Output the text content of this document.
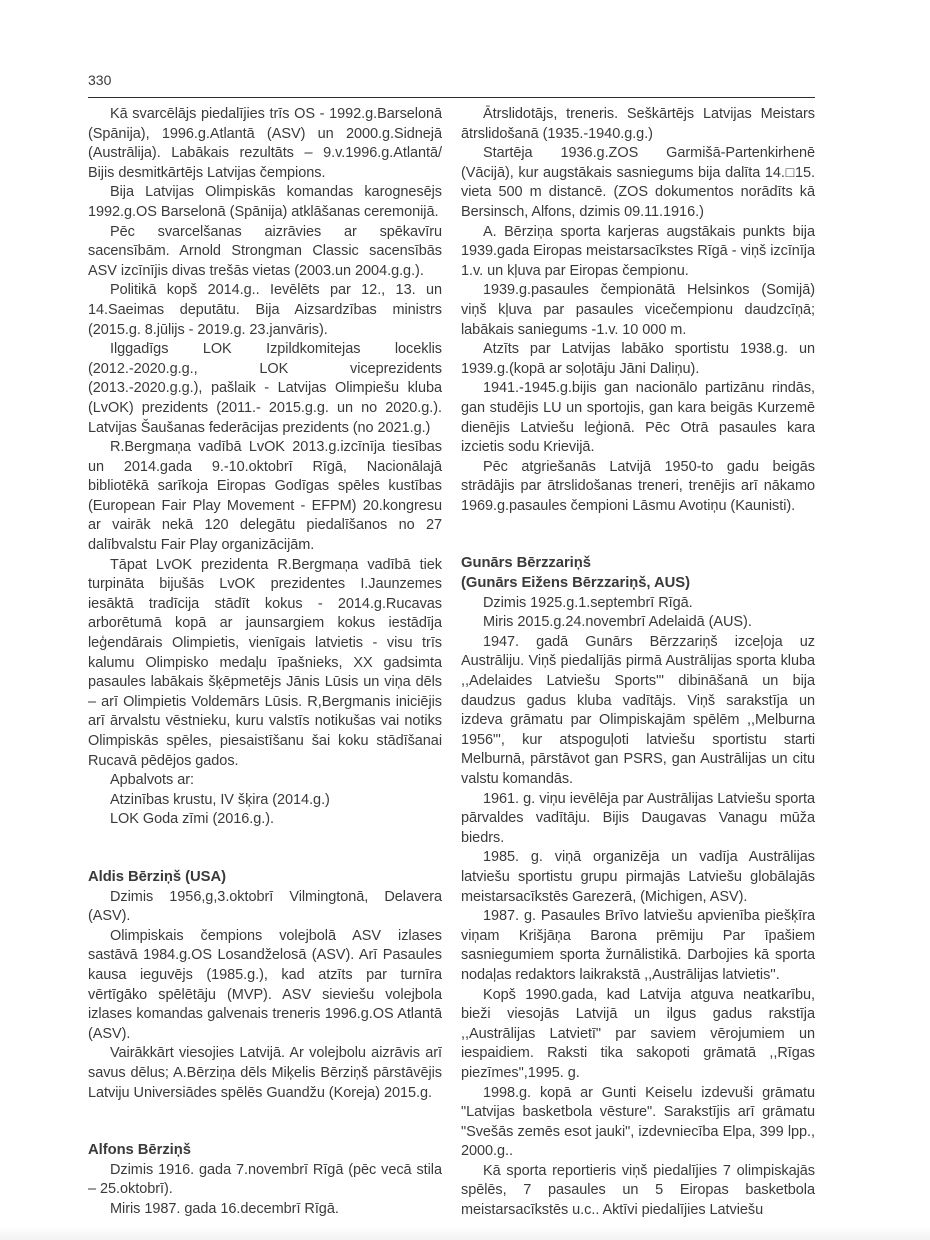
330

Kā svarcēlājs piedalījies trīs OS - 1992.g.Barselonā (Spānija), 1996.g.Atlantā (ASV) un 2000.g.Sidnejā (Austrālija). Labākais rezultāts – 9.v.1996.g.Atlantā/ Bijis desmitkārtējs Latvijas čempions.

Bija Latvijas Olimpiskās komandas karognesējs 1992.g.OS Barselonā (Spānija) atklāšanas ceremonijā.

Pēc svarcelšanas aizrāvies ar spēkavīru sacensībām. Arnold Strongman Classic sacensībās ASV izcīnījis divas trešās vietas (2003.un 2004.g.g.).

Politikā kopš 2014.g.. Ievēlēts par 12., 13. un 14.Saeimas deputātu. Bija Aizsardzības ministrs (2015.g. 8.jūlijs - 2019.g. 23.janvāris).

Ilggadīgs LOK Izpildkomitejas loceklis (2012.-2020.g.g., LOK viceprezidents (2013.-2020.g.g.), pašlaik - Latvijas Olimpiešu kluba (LvOK) prezidents (2011.- 2015.g.g. un no 2020.g.). Latvijas Šaušanas federācijas prezidents (no 2021.g.)

R.Bergmaņa vadībā LvOK 2013.g.izcīnīja tiesības un 2014.gada 9.-10.oktobrī Rīgā, Nacionālajā bibliotēkā sarīkoja Eiropas Godīgas spēles kustības (European Fair Play Movement - EFPM) 20.kongresu ar vairāk nekā 120 delegātu piedalīšanos no 27 dalībvalstu Fair Play organizācijām.

Tāpat LvOK prezidenta R.Bergmaņa vadībā tiek turpināta bijušās LvOK prezidentes I.Jaunzemes iesāktā tradīcija stādīt kokus - 2014.g.Rucavas arborētumā kopā ar jaunsargiem kokus iestādīja leģendārais Olimpietis, vienīgais latvietis - visu trīs kalumu Olimpisko medaļu īpašnieks, XX gadsimta pasaules labākais šķēpmetējs Jānis Lūsis un viņa dēls – arī Olimpietis Voldemārs Lūsis. R,Bergmanis iniciējis arī ārvalstu vēstnieku, kuru valstīs notikušas vai notiks Olimpiskās spēles, piesaistīšanu šai koku stādīšanai Rucavā pēdējos gados.

Apbalvots ar:

Atzinības krustu, IV šķira (2014.g.)

LOK Goda zīmi (2016.g.).

Aldis Bērziņš (USA)

Dzimis 1956,g,3.oktobrī Vilmingtonā, Delavera (ASV).

Olimpiskais čempions volejbolā ASV izlases sastāvā 1984.g.OS Losandželosā (ASV). Arī Pasaules kausa ieguvējs (1985.g.), kad atzīts par turnīra vērtīgāko spēlētāju (MVP). ASV sieviešu volejbola izlases komandas galvenais treneris 1996.g.OS Atlantā (ASV).

Vairākkārt viesojies Latvijā. Ar volejbolu aizrāvis arī savus dēlus; A.Bērziņa dēls Miķelis Bērziņš pārstāvējis Latviju Universiādes spēlēs Guandžu (Koreja) 2015.g.

Alfons Bērziņš

Dzimis 1916. gada 7.novembrī Rīgā (pēc vecā stila – 25.oktobrī).

Miris 1987. gada 16.decembrī Rīgā.

Ātrslidotājs, treneris. Seškārtējs Latvijas Meistars ātrslidošanā (1935.-1940.g.g.)

Startēja 1936.g.ZOS Garmišā-Partenkirhenē (Vācijā), kur augstākais sasniegums bija dalīta 14.□15. vieta 500 m distancē. (ZOS dokumentos norādīts kā Bersinsch, Alfons, dzimis 09.11.1916.)

A. Bērziņa sporta karjeras augstākais punkts bija 1939.gada Eiropas meistarsacīkstes Rīgā - viņš izcīnīja 1.v. un kļuva par Eiropas čempionu.

1939.g.pasaules čempionātā Helsinkos (Somijā) viņš kļuva par pasaules vicečempionu daudzcīņā; labākais saniegums -1.v. 10 000 m.

Atzīts par Latvijas labāko sportistu 1938.g. un 1939.g.(kopā ar soļotāju Jāni Daliņu).

1941.-1945.g.bijis gan nacionālo partizānu rindās, gan studējis LU un sportojis, gan kara beigās Kurzemē dienējis Latviešu leģionā. Pēc Otrā pasaules kara izcietis sodu Krievijā.

Pēc atgriešanās Latvijā 1950-to gadu beigās strādājis par ātrslidošanas treneri, trenējis arī nākamo 1969.g.pasaules čempioni Lāsmu Avotiņu (Kaunisti).

Gunārs Bērzzariņš
(Gunārs Eižens Bērzzariņš, AUS)

Dzimis 1925.g.1.septembrī Rīgā.

Miris 2015.g.24.novembrī Adelaidā (AUS).

1947. gadā Gunārs Bērzzariņš izceļoja uz Austrāliju. Viņš piedalījās pirmā Austrālijas sporta kluba ,,Adelaides Latviešu Sports"' dibināšanā un bija daudzus gadus kluba vadītājs. Viņš sarakstīja un izdeva grāmatu par Olimpiskajām spēlēm ,,Melburna 1956"', kur atspoguļoti latviešu sportistu starti Melburnā, pārstāvot gan PSRS, gan Austrālijas un citu valstu komandās.

1961. g. viņu ievēlēja par Austrālijas Latviešu sporta pārvaldes vadītāju. Bijis Daugavas Vanagu mūža biedrs.

1985. g. viņā organizēja un vadīja Austrālijas latviešu sportistu grupu pirmajās Latviešu globālajās meistarsacīkstēs Garezerā, (Michigen, ASV).

1987. g. Pasaules Brīvo latviešu apvienība piešķīra viņam Krišjāņa Barona prēmiju Par īpašiem sasniegumiem sporta žurnālistikā. Darbojies kā sporta nodaļas redaktors laikrakstā ,,Austrālijas latvietis''.

Kopš 1990.gada, kad Latvija atguva neatkarību, bieži viesojās Latvijā un ilgus gadus rakstīja ,,Austrālijas Latvietī" par saviem vērojumiem un iespaidiem. Raksti tika sakopoti grāmatā ,,Rīgas piezīmes",1995. g.

1998.g. kopā ar Gunti Keiselu izdevuši grāmatu "Latvijas basketbola vēsture". Sarakstījis arī grāmatu "Svešās zemēs esot jauki", izdevniecība Elpa, 399 lpp., 2000.g..

Kā sporta reportieris viņš piedalījies 7 olimpiskajās spēlēs, 7 pasaules un 5 Eiropas basketbola meistarsacīkstēs u.c.. Aktīvi piedalījies Latviešu
